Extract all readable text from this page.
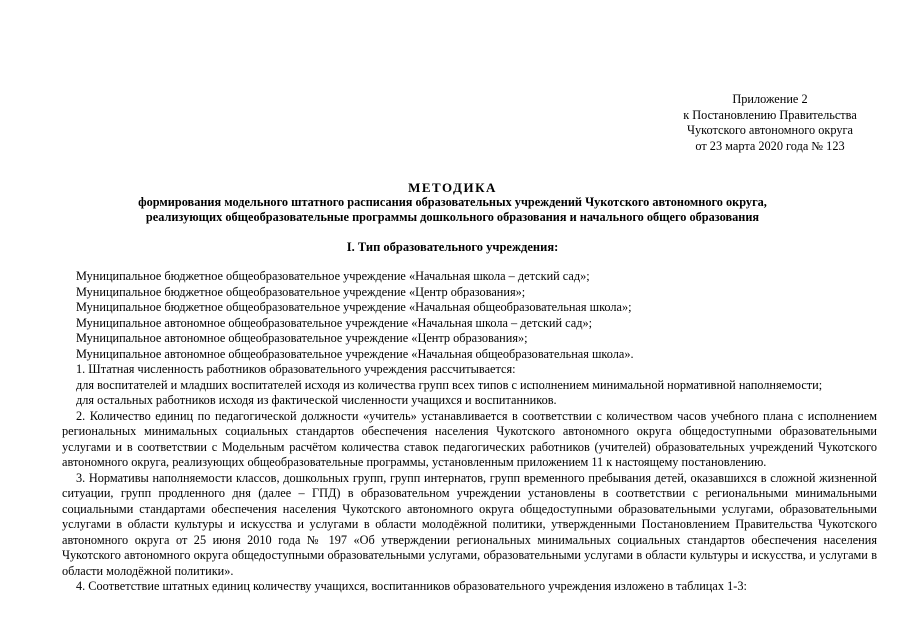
Приложение 2
к Постановлению Правительства
Чукотского автономного округа
от 23 марта 2020 года № 123
МЕТОДИКА
формирования модельного штатного расписания образовательных учреждений Чукотского автономного округа,
реализующих общеобразовательные программы дошкольного образования и начального общего образования
I. Тип образовательного учреждения:
Муниципальное бюджетное общеобразовательное учреждение «Начальная школа – детский сад»;
Муниципальное бюджетное общеобразовательное учреждение «Центр образования»;
Муниципальное бюджетное общеобразовательное учреждение «Начальная общеобразовательная школа»;
Муниципальное автономное общеобразовательное учреждение «Начальная школа – детский сад»;
Муниципальное автономное общеобразовательное учреждение «Центр образования»;
Муниципальное автономное общеобразовательное учреждение «Начальная общеобразовательная школа».
1. Штатная численность работников образовательного учреждения рассчитывается:
для воспитателей и младших воспитателей исходя из количества групп всех типов с исполнением минимальной нормативной наполняемости;
для остальных работников исходя из фактической численности учащихся и воспитанников.

2. Количество единиц по педагогической должности «учитель» устанавливается в соответствии с количеством часов учебного плана с исполнением региональных минимальных социальных стандартов обеспечения населения Чукотского автономного округа общедоступными образовательными услугами и в соответствии с Модельным расчётом количества ставок педагогических работников (учителей) образовательных учреждений Чукотского автономного округа, реализующих общеобразовательные программы, установленным приложением 11 к настоящему постановлению.

3. Нормативы наполняемости классов, дошкольных групп, групп интернатов, групп временного пребывания детей, оказавшихся в сложной жизненной ситуации, групп продленного дня (далее – ГПД) в образовательном учреждении установлены в соответствии с региональными минимальными социальными стандартами обеспечения населения Чукотского автономного округа общедоступными образовательными услугами, образовательными услугами в области культуры и искусства и услугами в области молодёжной политики, утвержденными Постановлением Правительства Чукотского автономного округа от 25 июня 2010 года № 197 «Об утверждении региональных минимальных социальных стандартов обеспечения населения Чукотского автономного округа общедоступными образовательными услугами, образовательными услугами в области культуры и искусства, и услугами в области молодёжной политики».

4. Соответствие штатных единиц количеству учащихся, воспитанников образовательного учреждения изложено в таблицах 1-3:
